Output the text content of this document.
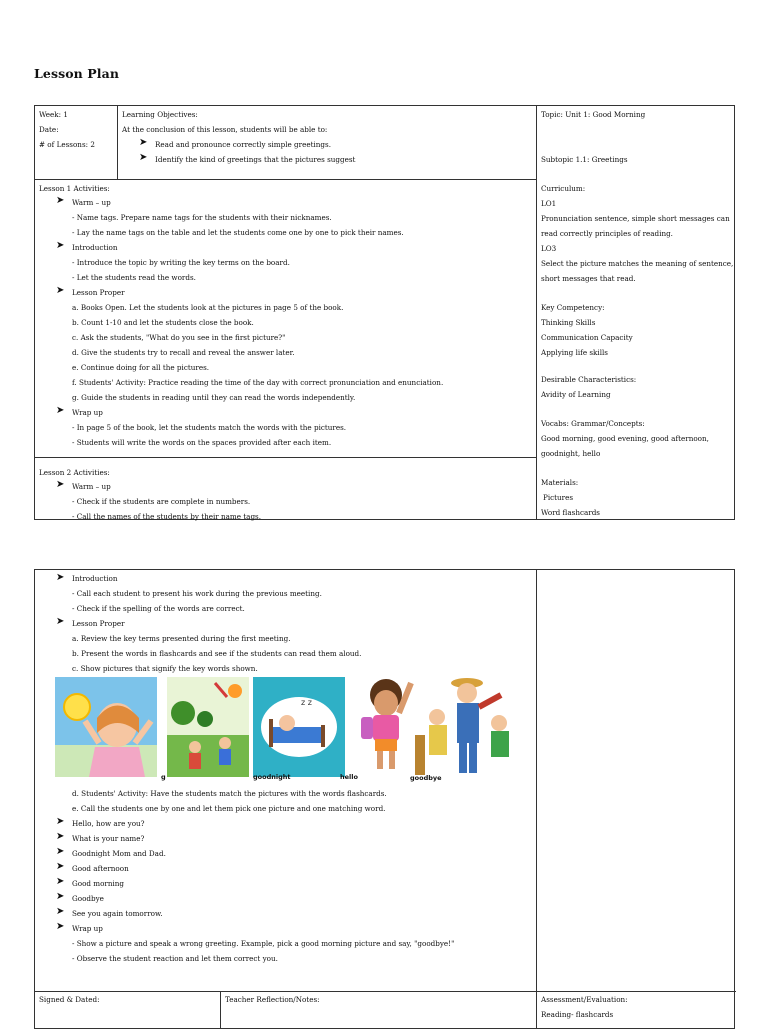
Lesson Plan
Week: 1
Date:
# of Lessons: 2
Learning Objectives:
At the conclusion of this lesson, students will be able to:
➤ Read and pronounce correctly simple greetings.
➤ Identify the kind of greetings that the pictures suggest
Topic: Unit 1: Good Morning
Subtopic 1.1: Greetings
Lesson 1 Activities:
➤ Warm – up
- Name tags. Prepare name tags for the students with their nicknames.
- Lay the name tags on the table and let the students come one by one to pick their names.
➤ Introduction
- Introduce the topic by writing the key terms on the board.
- Let the students read the words.
➤ Lesson Proper
a. Books Open. Let the students look at the pictures in page 5 of the book.
b. Count 1-10 and let the students close the book.
c. Ask the students, "What do you see in the first picture?"
d. Give the students try to recall and reveal the answer later.
e. Continue doing for all the pictures.
f. Students' Activity: Practice reading the time of the day with correct pronunciation and enunciation.
g. Guide the students in reading until they can read the words independently.
➤ Wrap up
- In page 5 of the book, let the students match the words with the pictures.
- Students will write the words on the spaces provided after each item.
Lesson 2 Activities:
➤ Warm – up
- Check if the students are complete in numbers.
- Call the names of the students by their name tags.
Curriculum:
LO1
Pronunciation sentence, simple short messages can
read correctly principles of reading.
LO3
Select the picture matches the meaning of sentence,
short messages that read.
Key Competency:
Thinking Skills
Communication Capacity
Applying life skills
Desirable Characteristics:
Avidity of Learning
Vocabs: Grammar/Concepts:
Good morning, good evening, good afternoon,
goodnight, hello
Materials:
Pictures
Word flashcards
➤ Introduction
- Call each student to present his work during the previous meeting.
- Check if the spelling of the words are correct.
➤ Lesson Proper
a. Review the key terms presented during the first meeting.
b. Present the words in flashcards and see if the students can read them aloud.
c. Show pictures that signify the key words shown.
z z
g	goodnight	hello	goodbye
d. Students' Activity: Have the students match the pictures with the words flashcards.
e. Call the students one by one and let them pick one picture and one matching word.
➤ Hello, how are you?
➤ What is your name?
➤ Goodnight Mom and Dad.
➤ Good afternoon
➤ Good morning
➤ Goodbye
➤ See you again tomorrow.
➤ Wrap up
- Show a picture and speak a wrong greeting. Example, pick a good morning picture and say, "goodbye!"
- Observe the student reaction and let them correct you.
Signed & Dated:	Teacher Reflection/Notes:	Assessment/Evaluation:
Reading- flashcards
